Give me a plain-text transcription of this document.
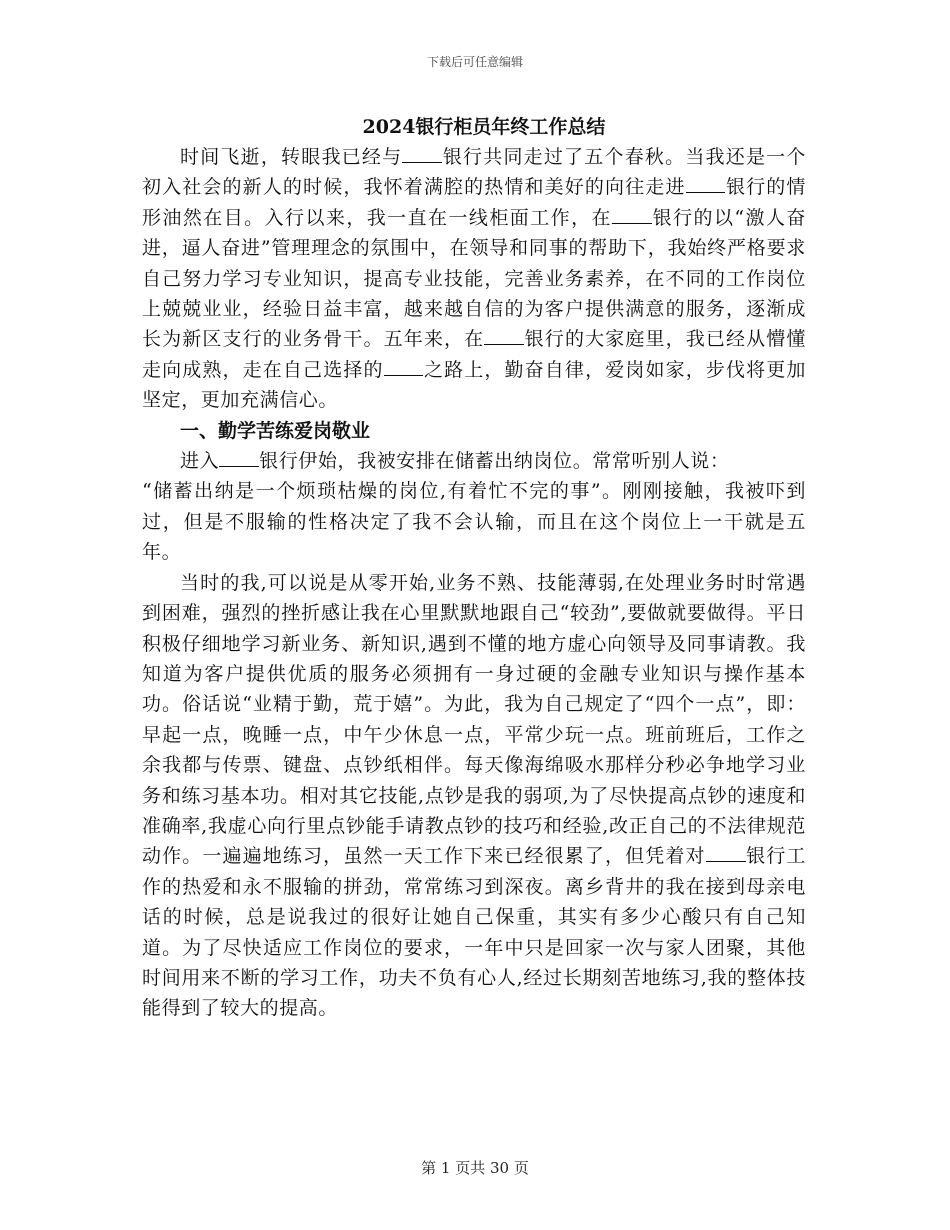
下载后可任意编辑

2024银行柜员年终工作总结

时间飞逝，转眼我已经与 银行共同走过了五个春秋。当我还是一个初入社会的新人的时候，我怀着满腔的热情和美好的向往走进 银行的情形油然在目。入行以来，我一直在一线柜面工作，在 银行的以“激人奋进，逼人奋进”管理理念的氛围中，在领导和同事的帮助下，我始终严格要求自己努力学习专业知识，提高专业技能，完善业务素养，在不同的工作岗位上兢兢业业，经验日益丰富，越来越自信的为客户提供满意的服务，逐渐成长为新区支行的业务骨干。五年来，在 银行的大家庭里，我已经从懵懂走向成熟，走在自己选择的 之路上，勤奋自律，爱岗如家，步伐将更加坚定，更加充满信心。

一、勤学苦练爱岗敬业

进入 银行伊始，我被安排在储蓄出纳岗位。常常听别人说：

“储蓄出纳是一个烦琐枯燥的岗位,有着忙不完的事”。刚刚接触，我被吓到过，但是不服输的性格决定了我不会认输，而且在这个岗位上一干就是五年。

当时的我,可以说是从零开始,业务不熟、技能薄弱,在处理业务时时常遇到困难，强烈的挫折感让我在心里默默地跟自己“较劲”,要做就要做得。平日积极仔细地学习新业务、新知识,遇到不懂的地方虚心向领导及同事请教。我知道为客户提供优质的服务必须拥有一身过硬的金融专业知识与操作基本功。俗话说“业精于勤，荒于嬉”。为此，我为自己规定了“四个一点”，即：早起一点，晚睡一点，中午少休息一点，平常少玩一点。班前班后，工作之余我都与传票、键盘、点钞纸相伴。每天像海绵吸水那样分秒必争地学习业务和练习基本功。相对其它技能,点钞是我的弱项,为了尽快提高点钞的速度和准确率,我虚心向行里点钞能手请教点钞的技巧和经验,改正自己的不法律规范动作。一遍遍地练习，虽然一天工作下来已经很累了，但凭着对 银行工作的热爱和永不服输的拼劲，常常练习到深夜。离乡背井的我在接到母亲电话的时候，总是说我过的很好让她自己保重，其实有多少心酸只有自己知道。为了尽快适应工作岗位的要求，一年中只是回家一次与家人团聚，其他时间用来不断的学习工作，功夫不负有心人,经过长期刻苦地练习,我的整体技能得到了较大的提高。

第 1 页共 30 页
